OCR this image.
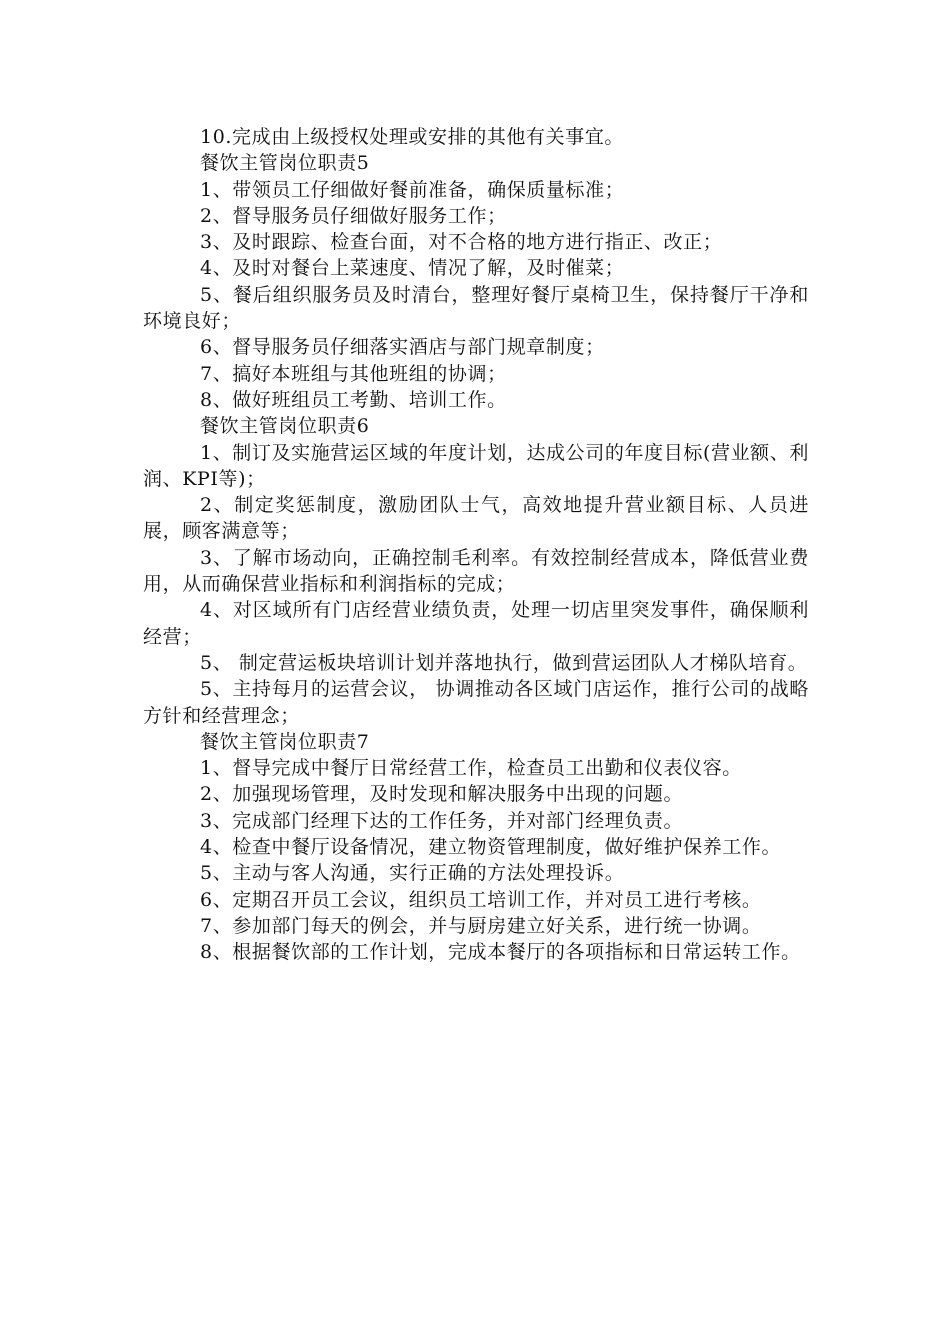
10.完成由上级授权处理或安排的其他有关事宜。

餐饮主管岗位职责5

1、带领员工仔细做好餐前准备，确保质量标准；

2、督导服务员仔细做好服务工作；

3、及时跟踪、检查台面，对不合格的地方进行指正、改正；

4、及时对餐台上菜速度、情况了解，及时催菜；

5、餐后组织服务员及时清台，整理好餐厅桌椅卫生，保持餐厅干净和环境良好；

6、督导服务员仔细落实酒店与部门规章制度；

7、搞好本班组与其他班组的协调；

8、做好班组员工考勤、培训工作。

餐饮主管岗位职责6

1、制订及实施营运区域的年度计划，达成公司的年度目标(营业额、利润、KPI等)；

2、制定奖惩制度，激励团队士气，高效地提升营业额目标、人员进展，顾客满意等；

3、了解市场动向，正确控制毛利率。有效控制经营成本，降低营业费用，从而确保营业指标和利润指标的完成；

4、对区域所有门店经营业绩负责，处理一切店里突发事件，确保顺利经营；

5、 制定营运板块培训计划并落地执行，做到营运团队人才梯队培育。

5、主持每月的运营会议， 协调推动各区域门店运作，推行公司的战略方针和经营理念；

餐饮主管岗位职责7

1、督导完成中餐厅日常经营工作，检查员工出勤和仪表仪容。

2、加强现场管理，及时发现和解决服务中出现的问题。

3、完成部门经理下达的工作任务，并对部门经理负责。

4、检查中餐厅设备情况，建立物资管理制度，做好维护保养工作。

5、主动与客人沟通，实行正确的方法处理投诉。

6、定期召开员工会议，组织员工培训工作，并对员工进行考核。

7、参加部门每天的例会，并与厨房建立好关系，进行统一协调。

8、根据餐饮部的工作计划，完成本餐厅的各项指标和日常运转工作。
